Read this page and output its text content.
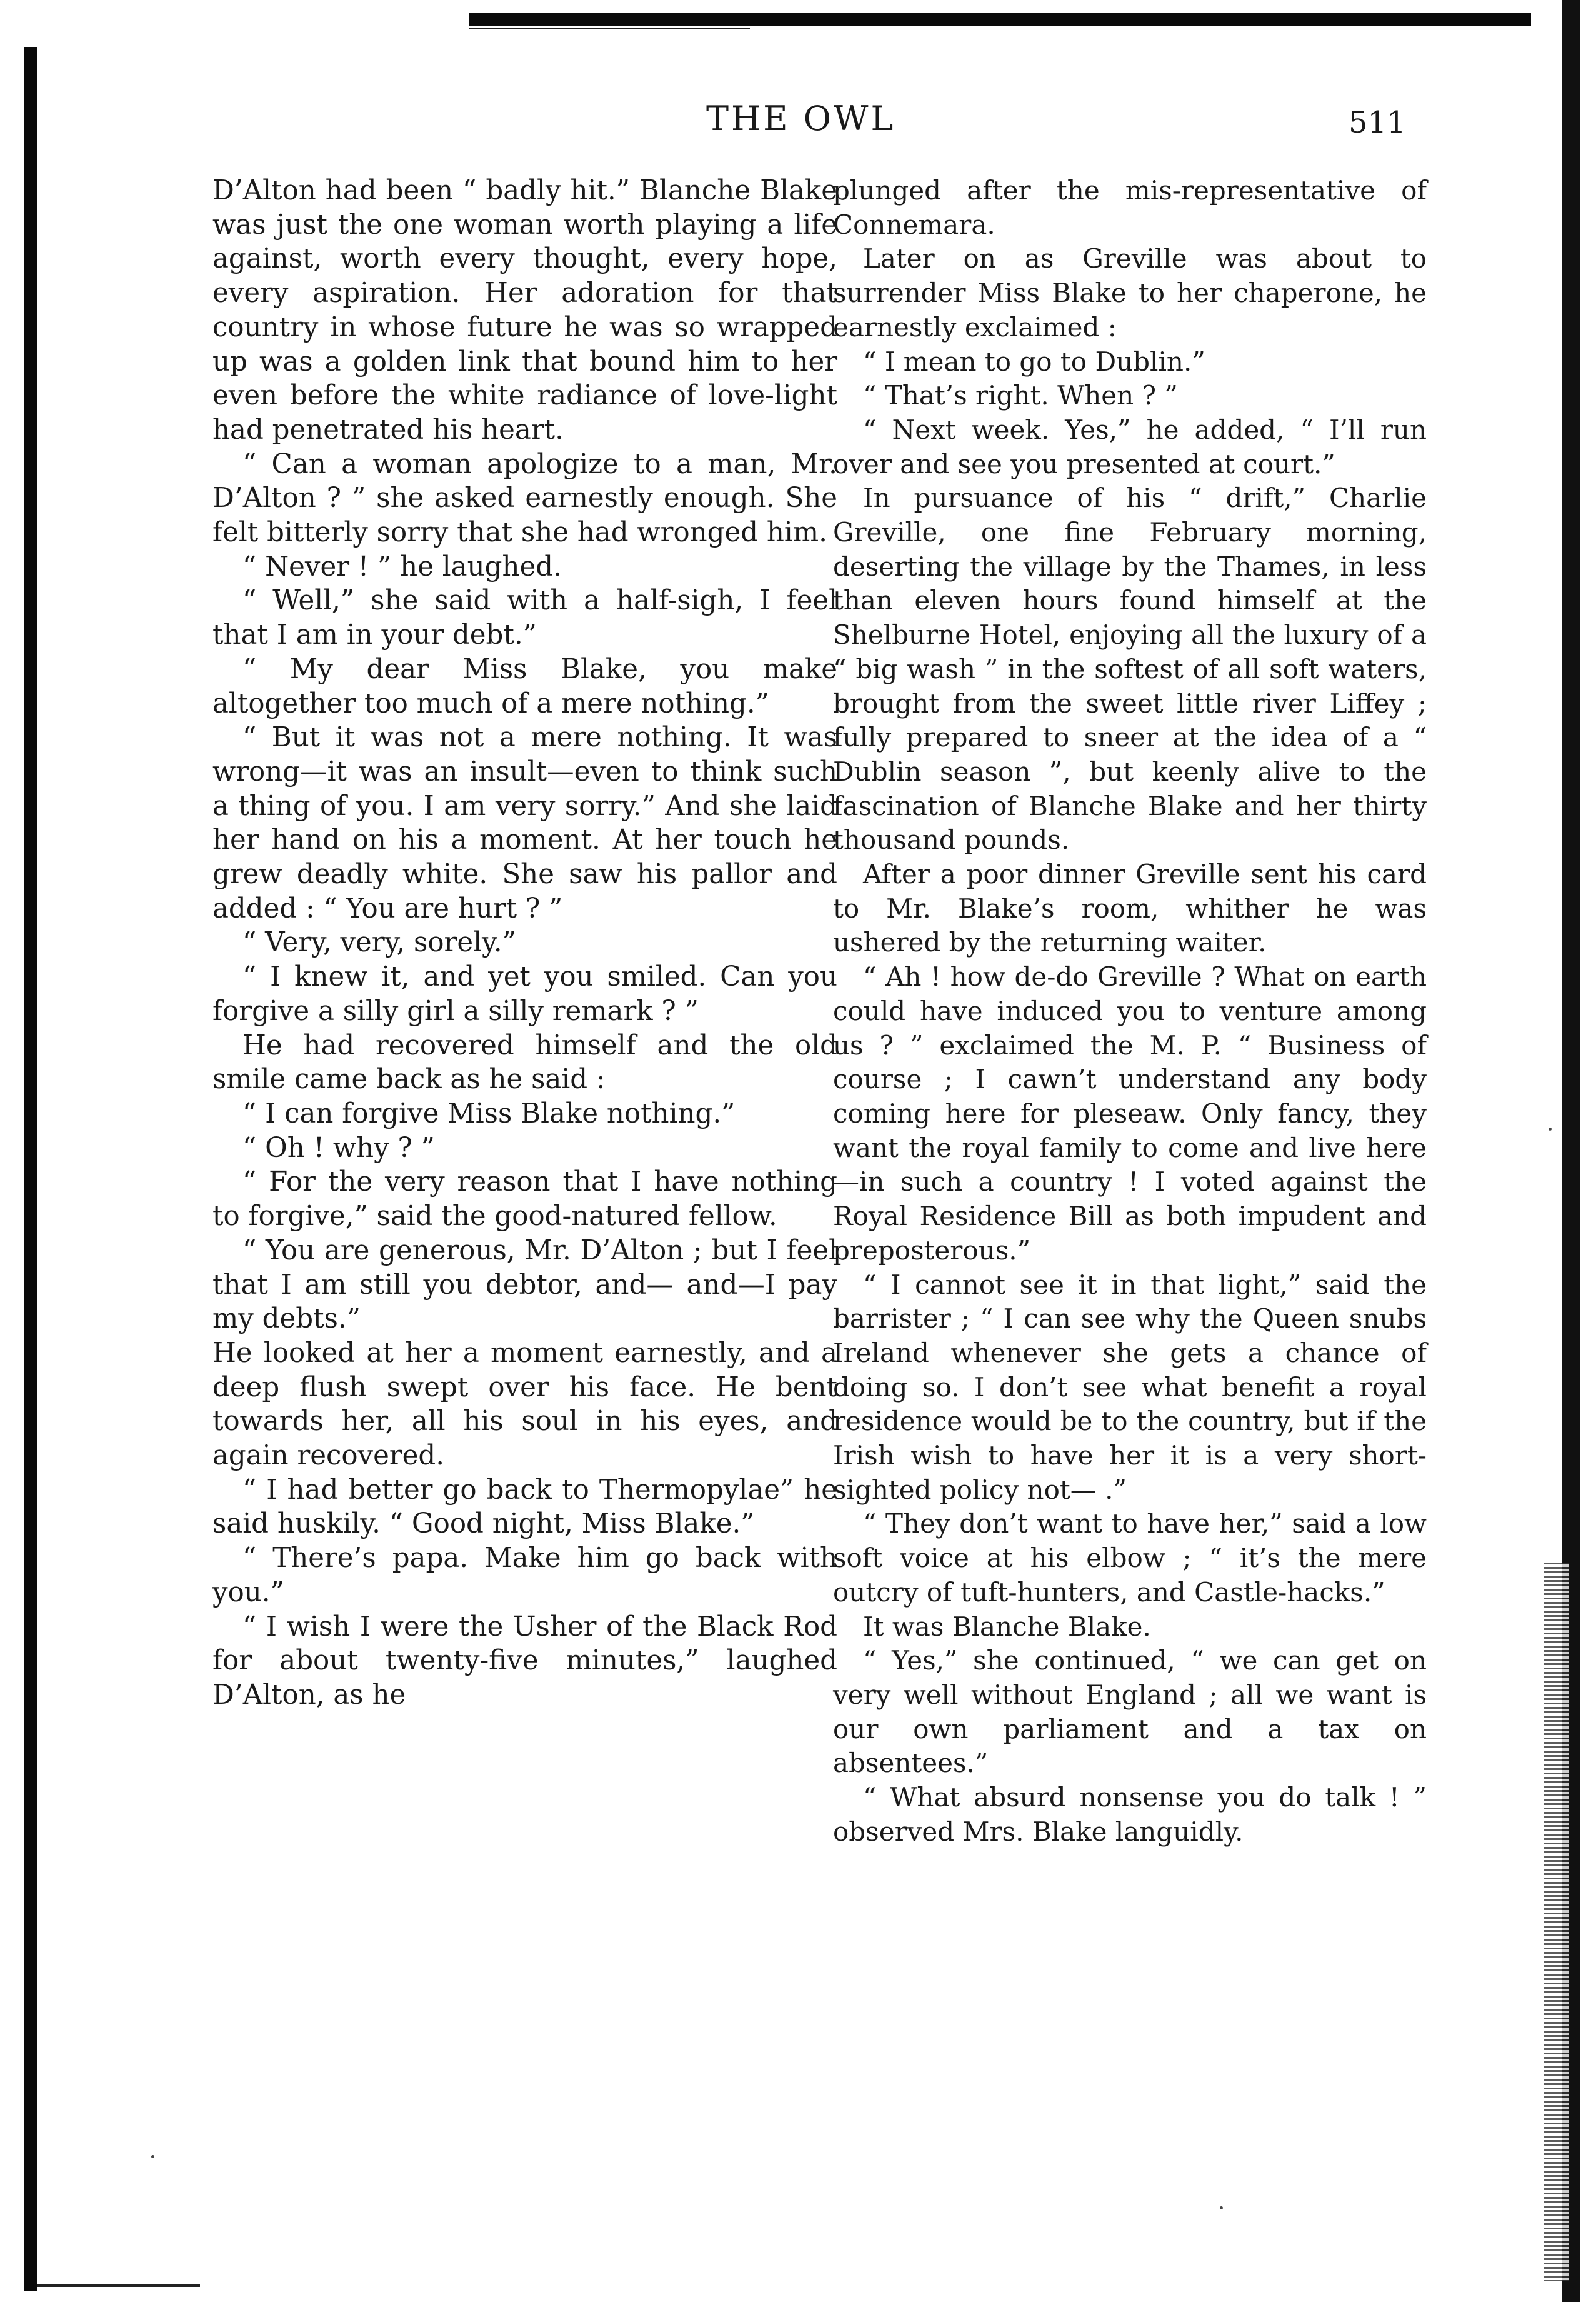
THE OWL	511

D’Alton had been “ badly hit.” Blanche Blake was just the one woman worth playing a life against, worth every thought, every hope, every aspiration. Her adoration for that country in whose future he was so wrapped up was a golden link that bound him to her even before the white radiance of love-light had penetrated his heart.

“ Can a woman apologize to a man, Mr. D’Alton ? ” she asked earnestly enough. She felt bitterly sorry that she had wronged him.

“ Never ! ” he laughed.

“ Well,” she said with a half-sigh, I feel that I am in your debt.”

“ My dear Miss Blake, you make altogether too much of a mere nothing.”

“ But it was not a mere nothing. It was wrong—it was an insult—even to think such a thing of you. I am very sorry.” And she laid her hand on his a moment. At her touch he grew deadly white. She saw his pallor and added : “ You are hurt ? ”

“ Very, very, sorely.”

“ I knew it, and yet you smiled. Can you forgive a silly girl a silly remark ? ”

He had recovered himself and the old smile came back as he said :

“ I can forgive Miss Blake nothing.”

“ Oh ! why ? ”

“ For the very reason that I have nothing to forgive,” said the good-natured fellow.

“ You are generous, Mr. D’Alton ; but I feel that I am still you debtor, and— and—I pay my debts.”

He looked at her a moment earnestly, and a deep flush swept over his face. He bent towards her, all his soul in his eyes, and again recovered.

“ I had better go back to Thermopylae” he said huskily. “ Good night, Miss Blake.”

“ There’s papa. Make him go back with you.”

“ I wish I were the Usher of the Black Rod for about twenty-five minutes,” laughed D’Alton, as he

plunged after the mis-representative of Connemara.

Later on as Greville was about to surrender Miss Blake to her chaperone, he earnestly exclaimed :

“ I mean to go to Dublin.”

“ That’s right. When ? ”

“ Next week. Yes,” he added, “ I’ll run over and see you presented at court.”

In pursuance of his “ drift,” Charlie Greville, one fine February morning, deserting the village by the Thames, in less than eleven hours found himself at the Shelburne Hotel, enjoying all the luxury of a “ big wash ” in the softest of all soft waters, brought from the sweet little river Liffey ; fully prepared to sneer at the idea of a “ Dublin season ”, but keenly alive to the fascination of Blanche Blake and her thirty thousand pounds.

After a poor dinner Greville sent his card to Mr. Blake’s room, whither he was ushered by the returning waiter.

“ Ah ! how de-do Greville ? What on earth could have induced you to venture among us ? ” exclaimed the M. P. “ Business of course ; I cawn’t understand any body coming here for pleseaw. Only fancy, they want the royal family to come and live here—in such a country ! I voted against the Royal Residence Bill as both impudent and preposterous.”

“ I cannot see it in that light,” said the barrister ; “ I can see why the Queen snubs Ireland whenever she gets a chance of doing so. I don’t see what benefit a royal residence would be to the country, but if the Irish wish to have her it is a very short-sighted policy not— .”

“ They don’t want to have her,” said a low soft voice at his elbow ; “ it’s the mere outcry of tuft-hunters, and Castle-hacks.”

It was Blanche Blake.

“ Yes,” she continued, “ we can get on very well without England ; all we want is our own parliament and a tax on absentees.”

“ What absurd nonsense you do talk ! ” observed Mrs. Blake languidly.
